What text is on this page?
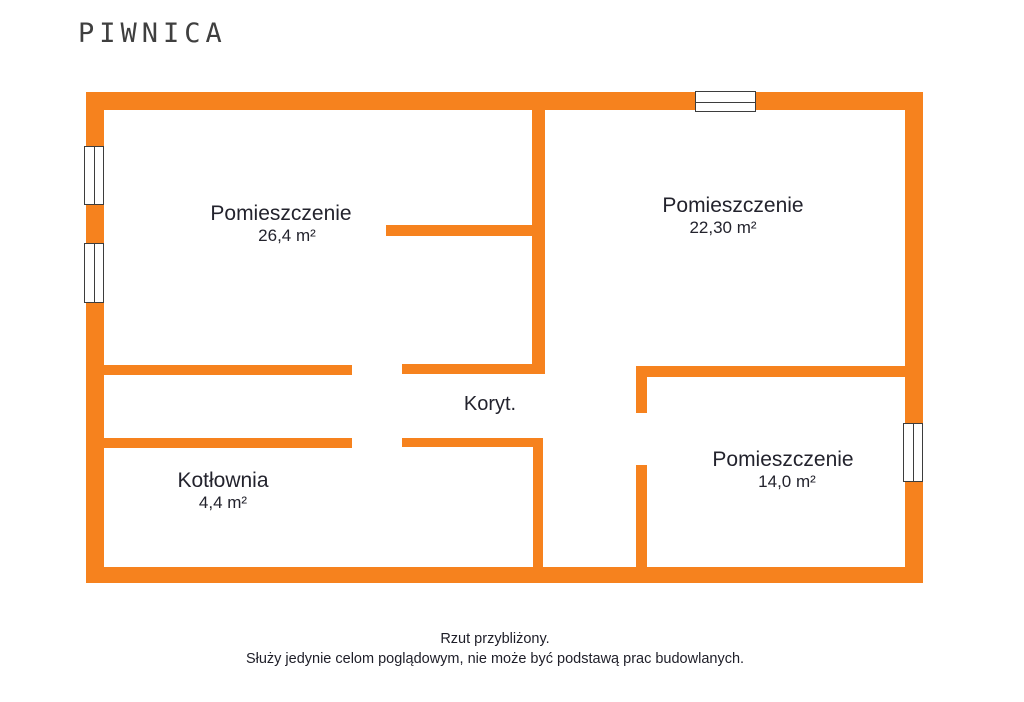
PIWNICA
Pomieszczenie
26,4 m²
Pomieszczenie
22,30 m²
Pomieszczenie
14,0 m²
Kotłownia
4,4 m²
Koryt.
Rzut przybliżony.
Służy jedynie celom poglądowym, nie może być podstawą prac budowlanych.
